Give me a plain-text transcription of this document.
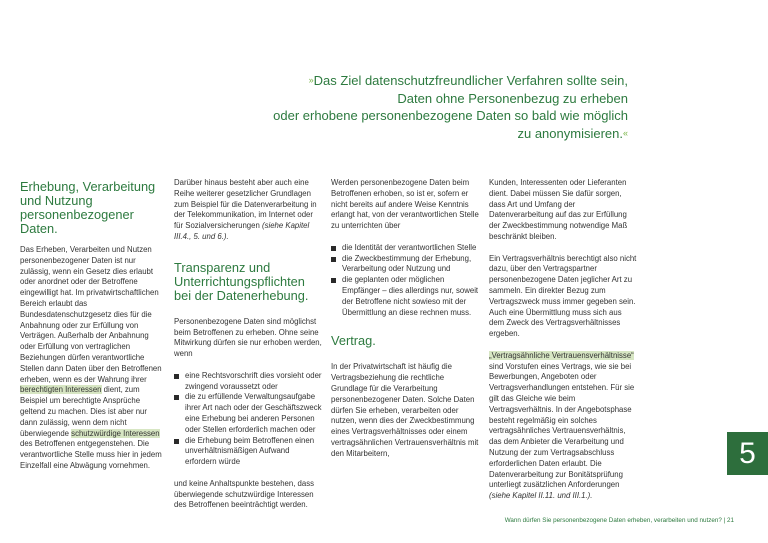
»Das Ziel datenschutzfreundlicher Verfahren sollte sein,
Daten ohne Personenbezug zu erheben
oder erhobene personenbezogene Daten so bald wie möglich
zu anonymisieren.«
Erhebung, Verarbeitung und Nutzung personenbezogener Daten.

Das Erheben, Verarbeiten und Nutzen personenbezogener Daten ist nur zulässig, wenn ein Gesetz dies erlaubt oder anordnet oder der Betroffene eingewilligt hat. Im privatwirtschaftlichen Bereich erlaubt das Bundesdatenschutzgesetz dies für die Anbahnung oder zur Erfüllung von Verträgen. Außerhalb der Anbahnung oder Erfüllung von vertraglichen Beziehungen dürfen verantwortliche Stellen dann Daten über den Betroffenen erheben, wenn es der Wahrung ihrer berechtigten Interessen dient, zum Beispiel um berechtigte Ansprüche geltend zu machen. Dies ist aber nur dann zulässig, wenn dem nicht überwiegende schutzwürdige Interessen des Betroffenen entgegenstehen. Die verantwortliche Stelle muss hier in jedem Einzelfall eine Abwägung vornehmen.

Darüber hinaus besteht aber auch eine Reihe weiterer gesetzlicher Grundlagen zum Beispiel für die Datenverarbeitung in der Telekommunikation, im Internet oder für Sozialversicherungen (siehe Kapitel III.4., 5. und 6.).

Transparenz und Unterrichtungspflichten bei der Datenerhebung.

Personenbezogene Daten sind möglichst beim Betroffenen zu erheben. Ohne seine Mitwirkung dürfen sie nur erhoben werden, wenn

eine Rechtsvorschrift dies vorsieht oder zwingend voraussetzt oder
die zu erfüllende Verwaltungsaufgabe ihrer Art nach oder der Geschäftszweck eine Erhebung bei anderen Personen oder Stellen erforderlich machen oder
die Erhebung beim Betroffenen einen unverhältnismäßigen Aufwand erfordern würde

und keine Anhaltspunkte bestehen, dass überwiegende schutzwürdige Interessen des Betroffenen beeinträchtigt werden.

Werden personenbezogene Daten beim Betroffenen erhoben, so ist er, sofern er nicht bereits auf andere Weise Kenntnis erlangt hat, von der verantwortlichen Stelle zu unterrichten über

die Identität der verantwortlichen Stelle
die Zweckbestimmung der Erhebung, Verarbeitung oder Nutzung und
die geplanten oder möglichen Empfänger – dies allerdings nur, soweit der Betroffene nicht sowieso mit der Übermittlung an diese rechnen muss.
Vertrag.

In der Privatwirtschaft ist häufig die Vertragsbeziehung die rechtliche Grundlage für die Verarbeitung personenbezogener Daten. Solche Daten dürfen Sie erheben, verarbeiten oder nutzen, wenn dies der Zweckbestimmung eines Vertragsverhältnisses oder einem vertragsähnlichen Vertrauensverhältnis mit den Mitarbeitern,

Kunden, Interessenten oder Lieferanten dient. Dabei müssen Sie dafür sorgen, dass Art und Umfang der Datenverarbeitung auf das zur Erfüllung der Zweckbestimmung notwendige Maß beschränkt bleiben.

Ein Vertragsverhältnis berechtigt also nicht dazu, über den Vertragspartner personenbezogene Daten jeglicher Art zu sammeln. Ein direkter Bezug zum Vertragszweck muss immer gegeben sein. Auch eine Übermittlung muss sich aus dem Zweck des Vertragsverhältnisses ergeben.

„Vertragsähnliche Vertrauensverhältnisse“ sind Vorstufen eines Vertrags, wie sie bei Bewerbungen, Angeboten oder Vertragsverhandlungen entstehen. Für sie gilt das Gleiche wie beim Vertragsverhältnis. In der Angebotsphase besteht regelmäßig ein solches vertragsähnliches Vertrauensverhältnis, das dem Anbieter die Verarbeitung und Nutzung der zum Vertragsabschluss erforderlichen Daten erlaubt. Die Datenverarbeitung zur Bonitätsprüfung unterliegt zusätzlichen Anforderungen (siehe Kapitel II.11. und III.1.).

5
Wann dürfen Sie personenbezogene Daten erheben, verarbeiten und nutzen? | 21
